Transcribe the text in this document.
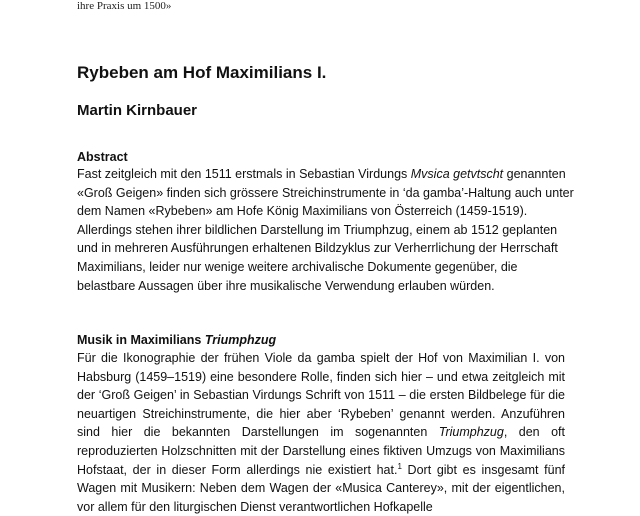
ihre Praxis um 1500»
Rybeben am Hof Maximilians I.
Martin Kirnbauer
Abstract

Fast zeitgleich mit den 1511 erstmals in Sebastian Virdungs Mvsica getvtscht genannten «Groß Geigen» finden sich grössere Streichinstrumente in ‘da gamba’-Haltung auch unter dem Namen «Rybeben» am Hofe König Maximilians von Österreich (1459-1519). Allerdings stehen ihrer bildlichen Darstellung im Triumphzug, einem ab 1512 geplanten und in mehreren Ausführungen erhaltenen Bildzyklus zur Verherrlichung der Herrschaft Maximilians, leider nur wenige weitere archivalische Dokumente gegenüber, die belastbare Aussagen über ihre musikalische Verwendung erlauben würden.

Musik in Maximilians Triumphzug

Für die Ikonographie der frühen Viole da gamba spielt der Hof von Maximilian I. von Habsburg (1459–1519) eine besondere Rolle, finden sich hier – und etwa zeitgleich mit der ‘Groß Geigen’ in Sebastian Virdungs Schrift von 1511 – die ersten Bildbelege für die neuartigen Streichinstrumente, die hier aber ‘Rybeben’ genannt werden. Anzuführen sind hier die bekannten Darstellungen im sogenannten Triumphzug, den oft reproduzierten Holzschnitten mit der Darstellung eines fiktiven Umzugs von Maximilians Hofstaat, der in dieser Form allerdings nie existiert hat.$^1$ Dort gibt es insgesamt fünf Wagen mit Musikern: Neben dem Wagen der «Musica Canterey», mit der eigentlichen, vor allem für den liturgischen Dienst verantwortlichen Hofkapelle
